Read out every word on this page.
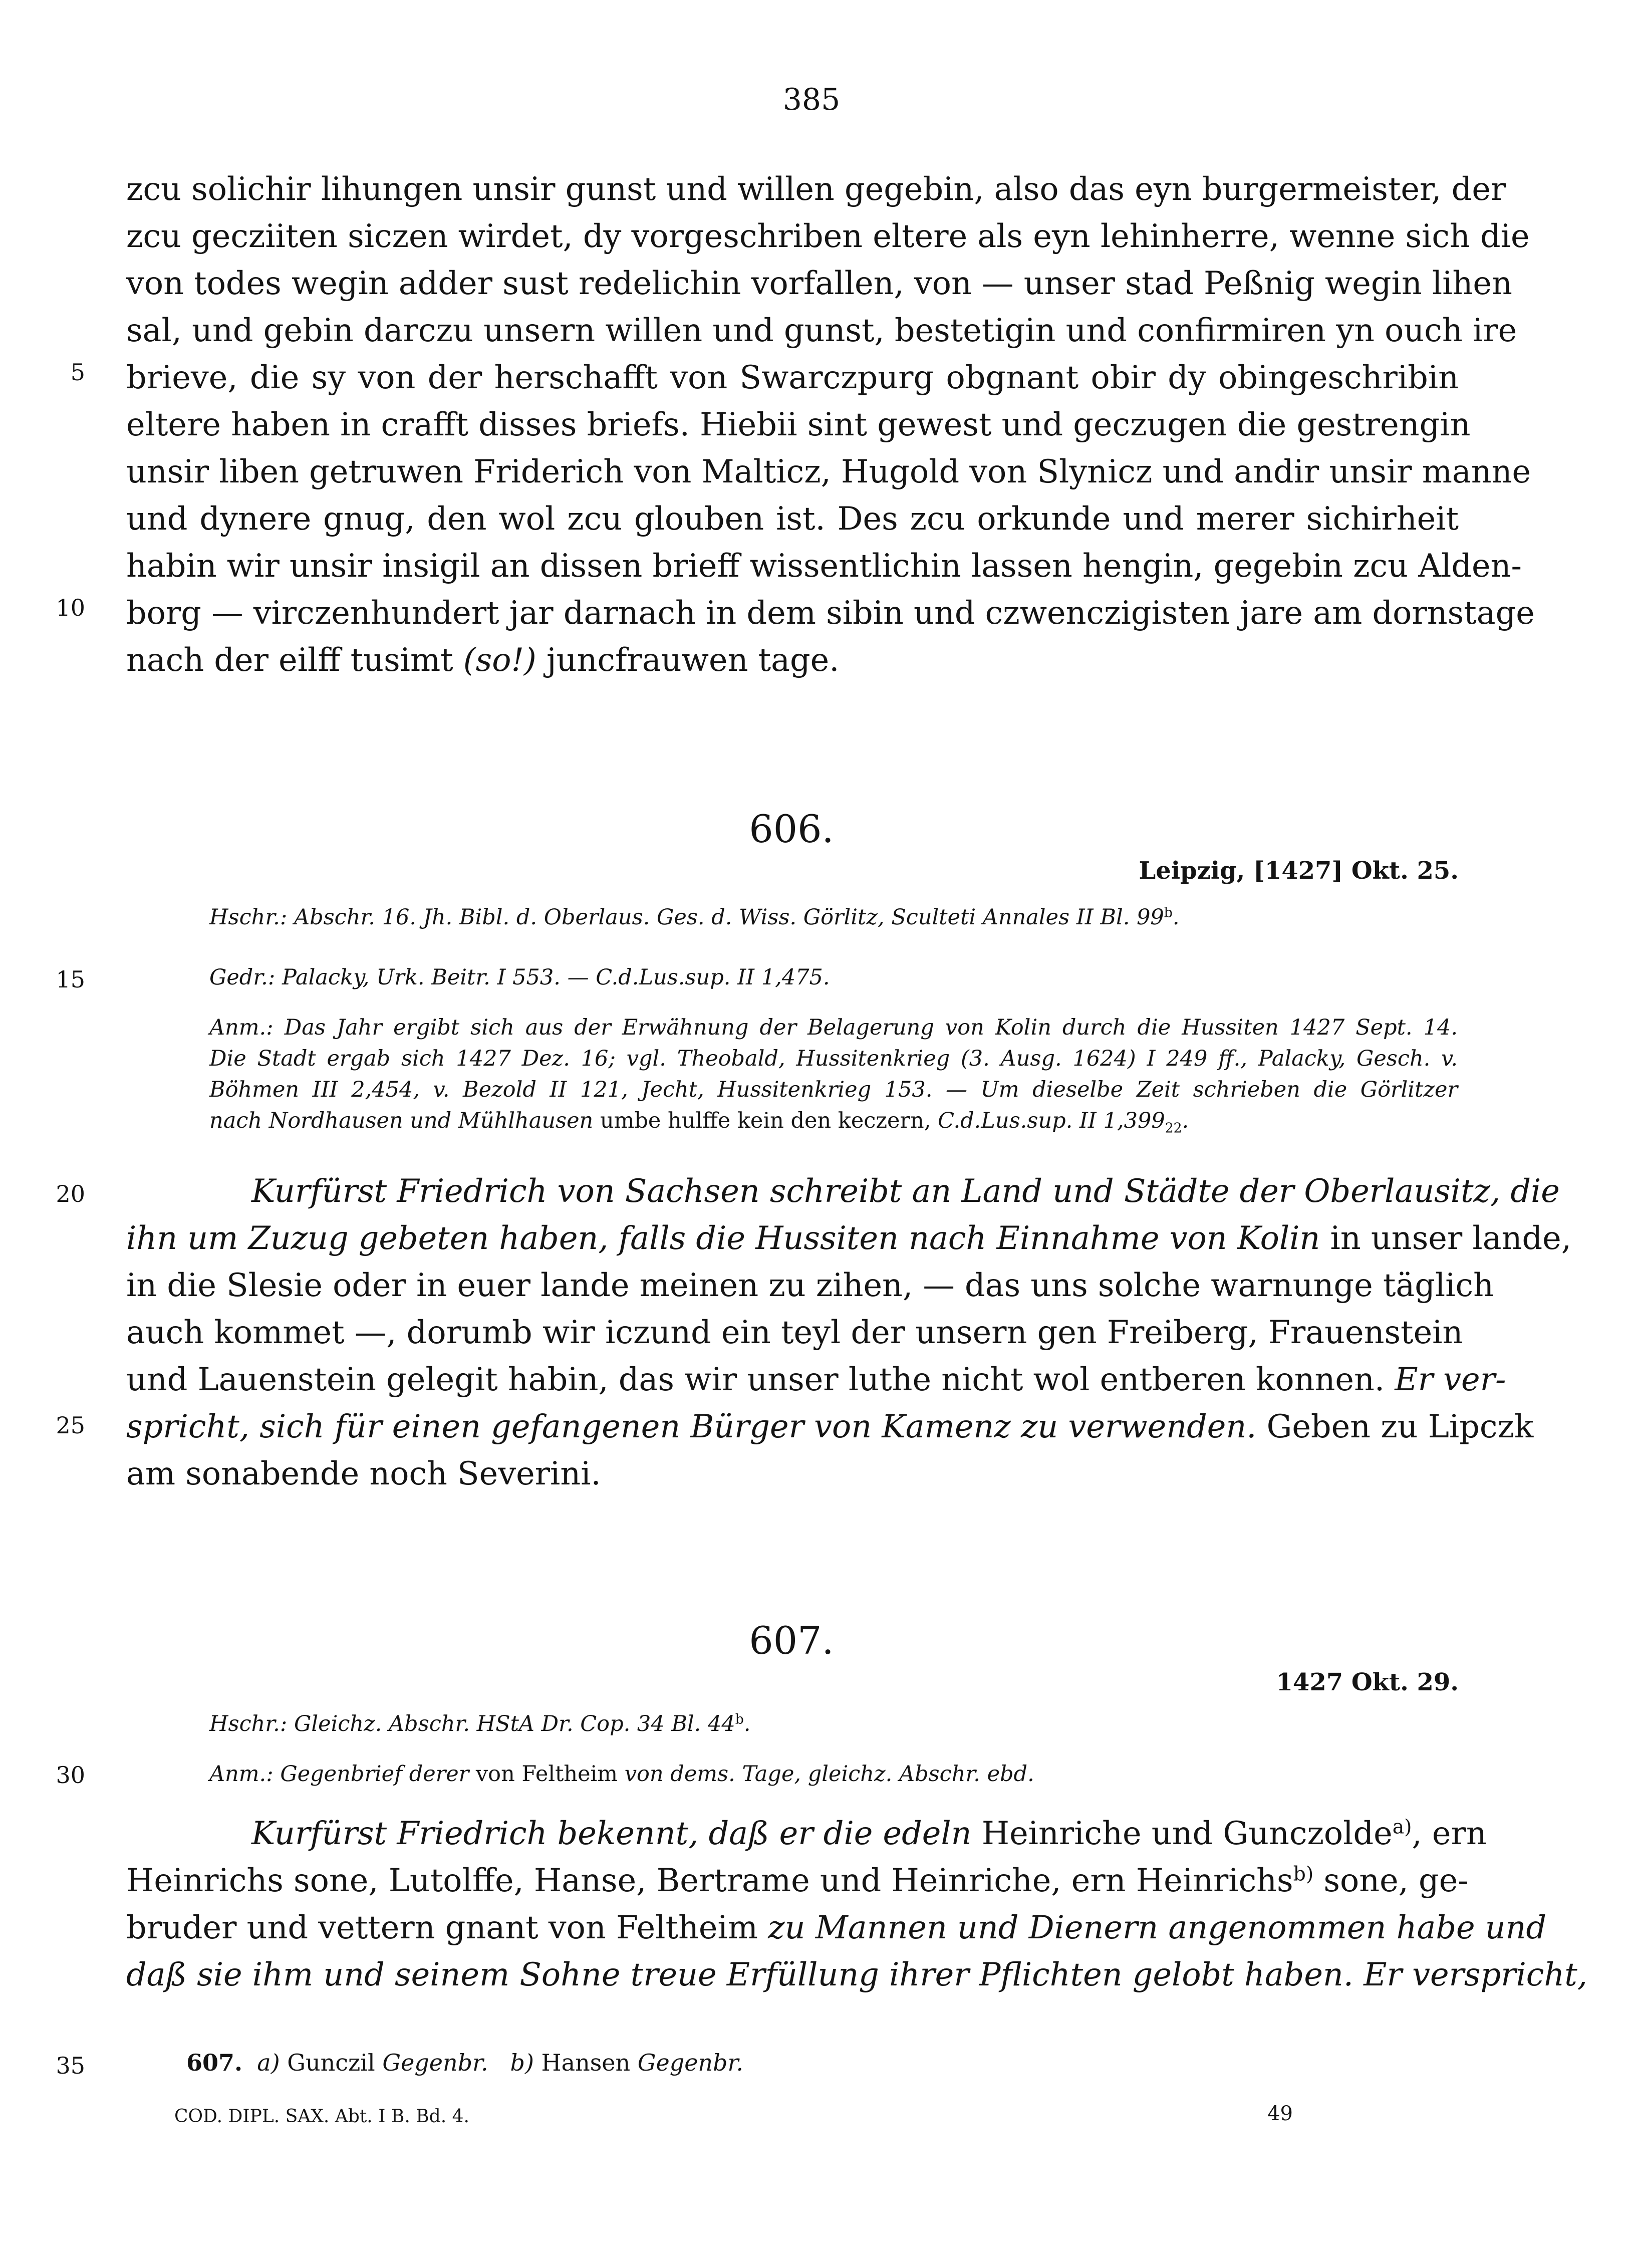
385
zcu solichir lihungen unsir gunst und willen gegebin, also das eyn burgermeister, der
zcu gecziiten siczen wirdet, dy vorgeschriben eltere als eyn lehinherre, wenne sich die
von todes wegin adder sust redelichin vorfallen, von — unser stad Peßnig wegin lihen
sal, und gebin darczu unsern willen und gunst, bestetigin und confirmiren yn ouch ire
brieve, die sy von der herschafft von Swarczpurg obgnant obir dy obingeschribin
eltere haben in crafft disses briefs. Hiebii sint gewest und geczugen die gestrengin
unsir liben getruwen Friderich von Malticz, Hugold von Slynicz und andir unsir manne
und dynere gnug, den wol zcu glouben ist. Des zcu orkunde und merer sichirheit
habin wir unsir insigil an dissen brieff wissentlichin lassen hengin, gegebin zcu Alden-
borg — virczenhundert jar darnach in dem sibin und czwenczigisten jare am dornstage
nach der eilff tusimt (so!) juncfrauwen tage.
5
10
606.
Leipzig, [1427] Okt. 25.
Hschr.: Abschr. 16. Jh. Bibl. d. Oberlaus. Ges. d. Wiss. Görlitz, Sculteti Annales II Bl. 99$^b$.
Gedr.: Palacky, Urk. Beitr. I 553. — C.d.Lus.sup. II 1,475.
Anm.: Das Jahr ergibt sich aus der Erwähnung der Belagerung von Kolin durch die Hussiten 1427 Sept. 14.
Die Stadt ergab sich 1427 Dez. 16; vgl. Theobald, Hussitenkrieg (3. Ausg. 1624) I 249 ff., Palacky, Gesch. v.
Böhmen III 2,454, v. Bezold II 121, Jecht, Hussitenkrieg 153. — Um dieselbe Zeit schrieben die Görlitzer
nach Nordhausen und Mühlhausen umbe hulffe kein den keczern, C.d.Lus.sup. II $1,399_{22}$.
15
20
25
Kurfürst Friedrich von Sachsen schreibt an Land und Städte der Oberlausitz, die
ihn um Zuzug gebeten haben, falls die Hussiten nach Einnahme von Kolin in unser lande,
in die Slesie oder in euer lande meinen zu zihen, — das uns solche warnunge täglich
auch kommet —, dorumb wir iczund ein teyl der unsern gen Freiberg, Frauenstein
und Lauenstein gelegit habin, das wir unser luthe nicht wol entberen konnen. Er ver-
spricht, sich für einen gefangenen Bürger von Kamenz zu verwenden. Geben zu Lipczk
am sonabende noch Severini.
607.
1427 Okt. 29.
Hschr.: Gleichz. Abschr. HStA Dr. Cop. 34 Bl. 44$^b$.
Anm.: Gegenbrief derer von Feltheim von dems. Tage, gleichz. Abschr. ebd.
30
Kurfürst Friedrich bekennt, daß er die edeln Heinriche und Gunczolde$^{a)}$, ern
Heinrichs sone, Lutolffe, Hanse, Bertrame und Heinriche, ern Heinrichs$^{b)}$ sone, ge-
bruder und vettern gnant von Feltheim zu Mannen und Dienern angenommen habe und
daß sie ihm und seinem Sohne treue Erfüllung ihrer Pflichten gelobt haben. Er verspricht,
35	607. a) Gunczil Gegenbr. b) Hansen Gegenbr.
COD. DIPL. SAX. Abt. I B. Bd. 4.	49
